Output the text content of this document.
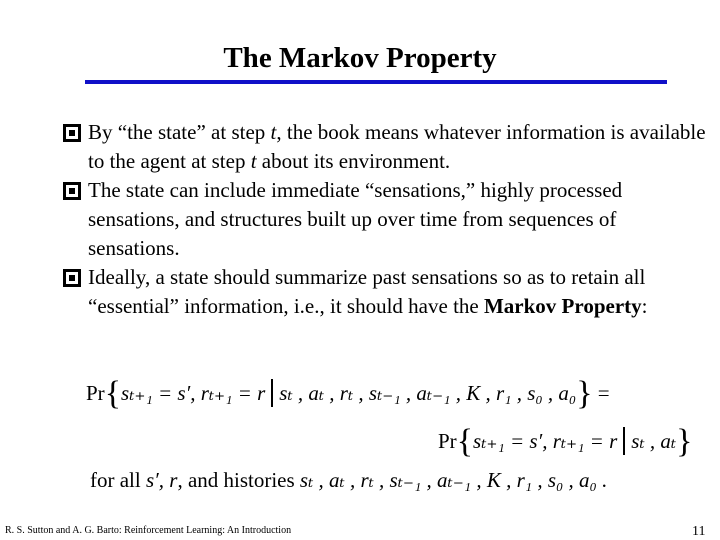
The Markov Property
By “the state” at step t, the book means whatever information is available to the agent at step t about its environment.
The state can include immediate “sensations,” highly processed sensations, and structures built up over time from sequences of sensations.
Ideally, a state should summarize past sensations so as to retain all “essential” information, i.e., it should have the Markov Property:
Pr{sₜ₊₁ = s′, rₜ₊₁ = r sₜ , aₜ , rₜ , sₜ₋₁ , aₜ₋₁ , K , r₁ , s₀ , a₀} =
Pr{sₜ₊₁ = s′, rₜ₊₁ = r sₜ , aₜ}
for all s′, r, and histories sₜ , aₜ , rₜ , sₜ₋₁ , aₜ₋₁ , K , r₁ , s₀ , a₀ .
R. S. Sutton and A. G. Barto: Reinforcement Learning: An Introduction	11
